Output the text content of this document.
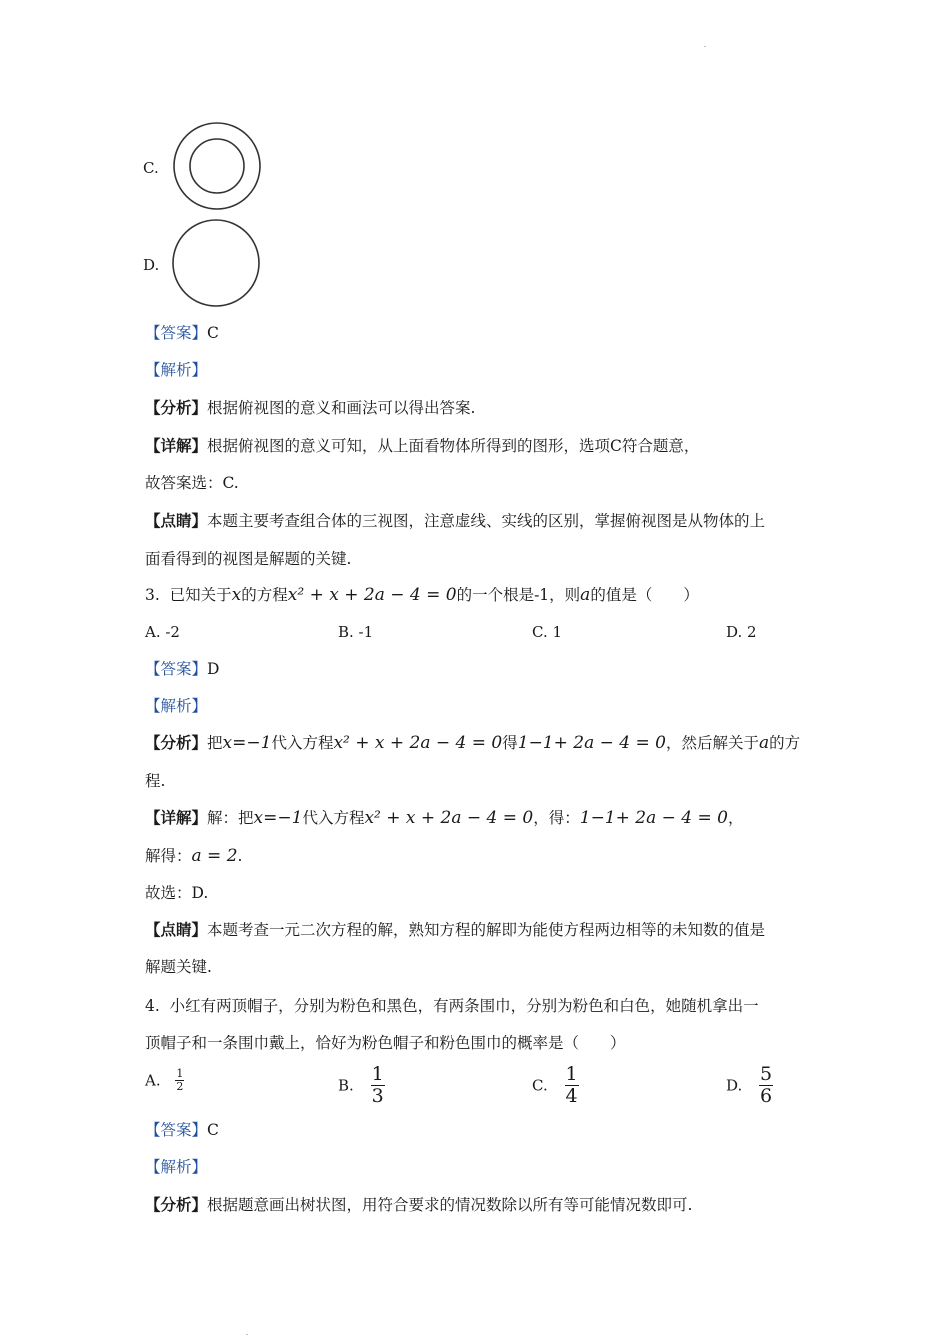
C.
D.
【答案】C
【解析】
【分析】根据俯视图的意义和画法可以得出答案.
【详解】根据俯视图的意义可知，从上面看物体所得到的图形，选项C符合题意，
故答案选：C.
【点睛】本题主要考查组合体的三视图，注意虚线、实线的区别，掌握俯视图是从物体的上
面看得到的视图是解题的关键.
3. 已知关于x的方程x² + x + 2a − 4 = 0的一个根是-1，则a的值是（　　）
A. -2	B. -1	C. 1	D. 2
【答案】D
【解析】
【分析】把x=−1代入方程x² + x + 2a − 4 = 0得1−1+ 2a − 4 = 0，然后解关于a的方
程.
【详解】解：把x=−1代入方程x² + x + 2a − 4 = 0，得：1−1+ 2a − 4 = 0，
解得：a = 2.
故选：D.
【点睛】本题考查一元二次方程的解，熟知方程的解即为能使方程两边相等的未知数的值是
解题关键.
4. 小红有两顶帽子，分别为粉色和黑色，有两条围巾，分别为粉色和白色，她随机拿出一
顶帽子和一条围巾戴上，恰好为粉色帽子和粉色围巾的概率是（　　）
A. $\frac{1}{2}$	B. $\frac{1}{3}$	C. $\frac{1}{4}$	D. $\frac{5}{6}$
【答案】C
【解析】
【分析】根据题意画出树状图，用符合要求的情况数除以所有等可能情况数即可.
